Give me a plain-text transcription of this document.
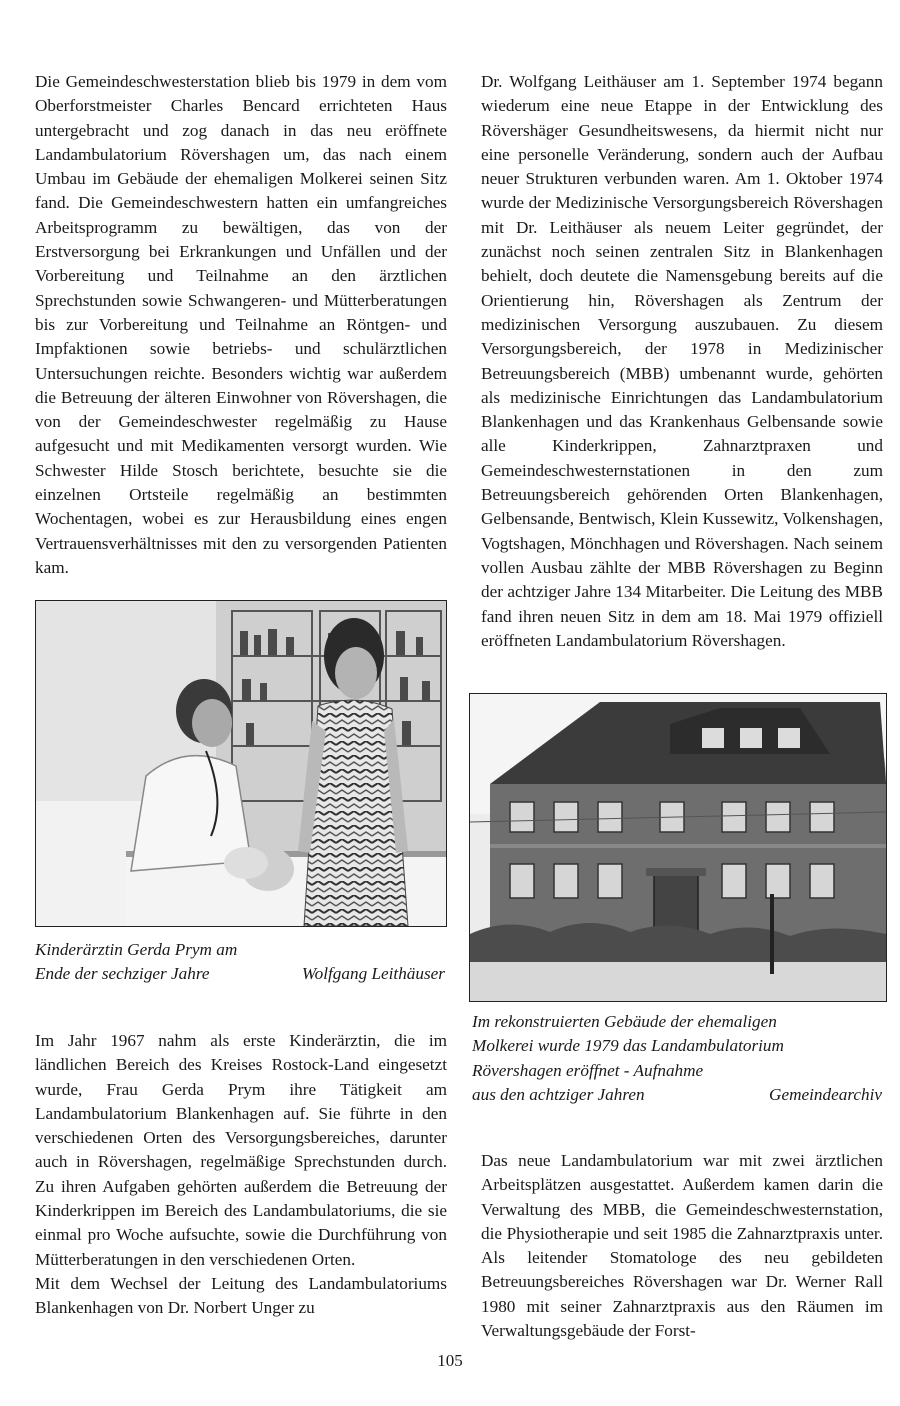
Die Gemeindeschwesterstation blieb bis 1979 in dem vom Oberforstmeister Charles Bencard errichteten Haus untergebracht und zog danach in das neu eröffnete Landambulatorium Rövershagen um, das nach einem Umbau im Gebäude der ehemaligen Molkerei seinen Sitz fand. Die Gemeindeschwestern hatten ein umfangreiches Arbeitsprogramm zu bewältigen, das von der Erstversorgung bei Erkrankungen und Unfällen und der Vorbereitung und Teilnahme an den ärztlichen Sprechstunden sowie Schwangeren- und Mütterberatungen bis zur Vorbereitung und Teilnahme an Röntgen- und Impfaktionen sowie betriebs- und schulärztlichen Untersuchungen reichte. Besonders wichtig war außerdem die Betreuung der älteren Einwohner von Rövershagen, die von der Gemeindeschwester regelmäßig zu Hause aufgesucht und mit Medikamenten versorgt wurden. Wie Schwester Hilde Stosch berichtete, besuchte sie die einzelnen Ortsteile regelmäßig an bestimmten Wochentagen, wobei es zur Herausbildung eines engen Vertrauensverhältnisses mit den zu versorgenden Patienten kam.

Dr. Wolfgang Leithäuser am 1. September 1974 begann wiederum eine neue Etappe in der Entwicklung des Rövershäger Gesundheitswesens, da hiermit nicht nur eine personelle Veränderung, sondern auch der Aufbau neuer Strukturen verbunden waren. Am 1. Oktober 1974 wurde der Medizinische Versorgungsbereich Rövershagen mit Dr. Leithäuser als neuem Leiter gegründet, der zunächst noch seinen zentralen Sitz in Blankenhagen behielt, doch deutete die Namensgebung bereits auf die Orientierung hin, Rövershagen als Zentrum der medizinischen Versorgung auszubauen. Zu diesem Versorgungsbereich, der 1978 in Medizinischer Betreuungsbereich (MBB) umbenannt wurde, gehörten als medizinische Einrichtungen das Landambulatorium Blankenhagen und das Krankenhaus Gelbensande sowie alle Kinderkrippen, Zahnarztpraxen und Gemeindeschwesternstationen in den zum Betreuungsbereich gehörenden Orten Blankenhagen, Gelbensande, Bentwisch, Klein Kussewitz, Volkenshagen, Vogtshagen, Mönchhagen und Rövershagen. Nach seinem vollen Ausbau zählte der MBB Rövershagen zu Beginn der achtziger Jahre 134 Mitarbeiter. Die Leitung des MBB fand ihren neuen Sitz in dem am 18. Mai 1979 offiziell eröffneten Landambulatorium Rövershagen.

Kinderärztin Gerda Prym am
Ende der sechziger Jahre	Wolfgang Leithäuser
Im rekonstruierten Gebäude der ehemaligen
Molkerei wurde 1979 das Landambulatorium
Rövershagen eröffnet - Aufnahme
aus den achtziger Jahren	Gemeindearchiv

Im Jahr 1967 nahm als erste Kinderärztin, die im ländlichen Bereich des Kreises Rostock-Land eingesetzt wurde, Frau Gerda Prym ihre Tätigkeit am Landambulatorium Blankenhagen auf. Sie führte in den verschiedenen Orten des Versorgungsbereiches, darunter auch in Rövershagen, regelmäßige Sprechstunden durch. Zu ihren Aufgaben gehörten außerdem die Betreuung der Kinderkrippen im Bereich des Landambulatoriums, die sie einmal pro Woche aufsuchte, sowie die Durchführung von Mütterberatungen in den verschiedenen Orten.

Mit dem Wechsel der Leitung des Landambulatoriums Blankenhagen von Dr. Norbert Unger zu

Das neue Landambulatorium war mit zwei ärztlichen Arbeitsplätzen ausgestattet. Außerdem kamen darin die Verwaltung des MBB, die Gemeindeschwesternstation, die Physiotherapie und seit 1985 die Zahnarztpraxis unter. Als leitender Stomatologe des neu gebildeten Betreuungsbereiches Rövershagen war Dr. Werner Rall 1980 mit seiner Zahnarztpraxis aus den Räumen im Verwaltungsgebäude der Forst-

105
